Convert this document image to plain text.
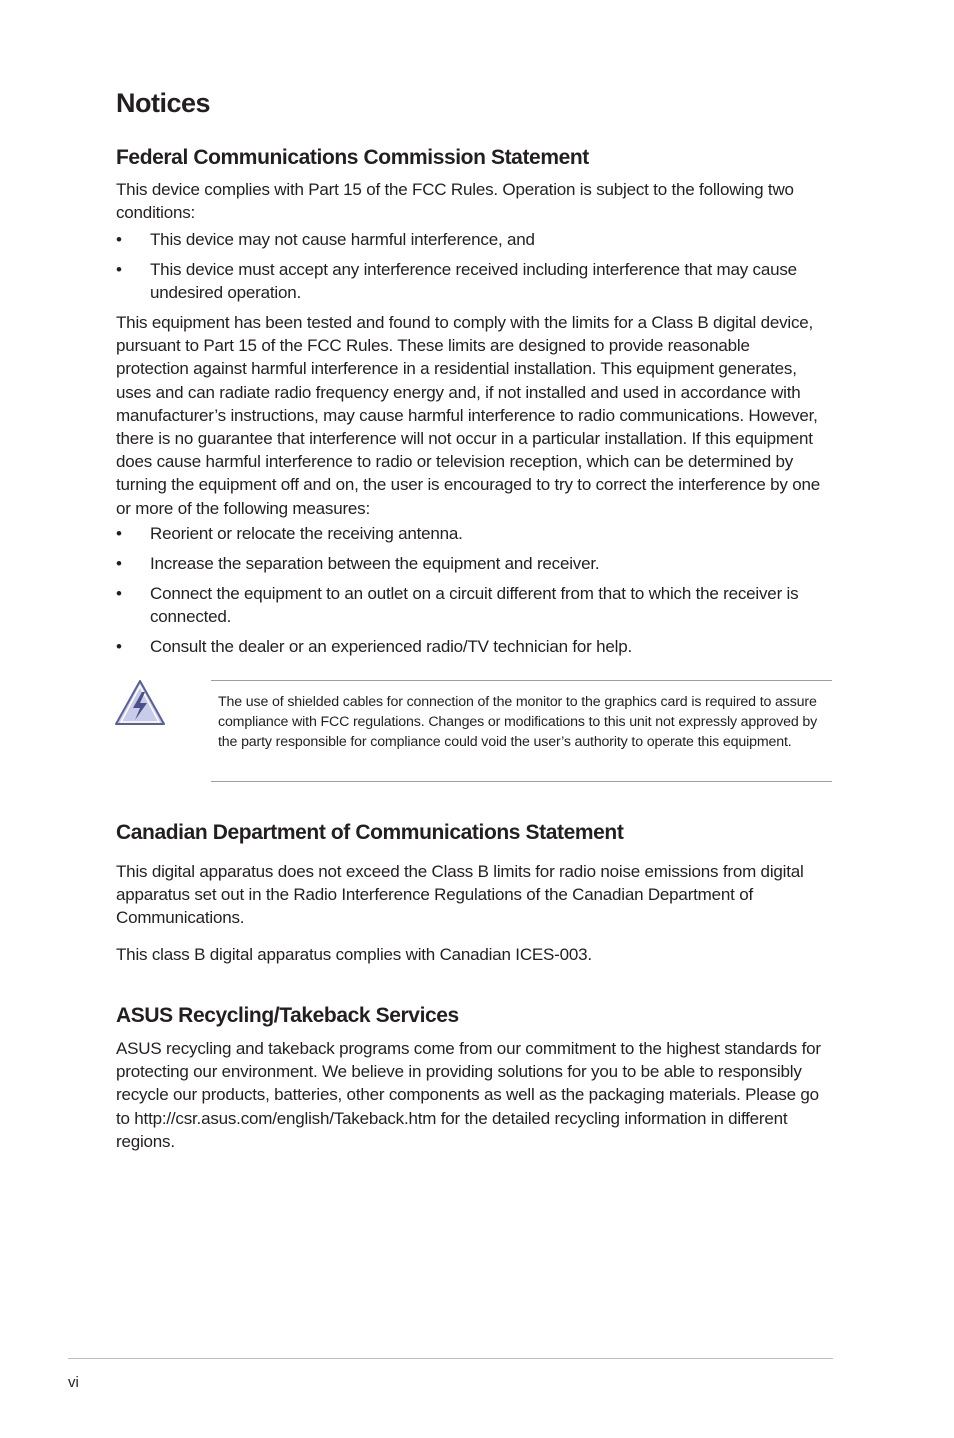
Notices
Federal Communications Commission Statement

This device complies with Part 15 of the FCC Rules. Operation is subject to the following two conditions:

• This device may not cause harmful interference, and
• This device must accept any interference received including interference that may cause undesired operation.

This equipment has been tested and found to comply with the limits for a Class B digital device, pursuant to Part 15 of the FCC Rules. These limits are designed to provide reasonable protection against harmful interference in a residential installation. This equipment generates, uses and can radiate radio frequency energy and, if not installed and used in accordance with manufacturer’s instructions, may cause harmful interference to radio communications. However, there is no guarantee that interference will not occur in a particular installation. If this equipment does cause harmful interference to radio or television reception, which can be determined by turning the equipment off and on, the user is encouraged to try to correct the interference by one or more of the following measures:

• Reorient or relocate the receiving antenna.
• Increase the separation between the equipment and receiver.
• Connect the equipment to an outlet on a circuit different from that to which the receiver is connected.
• Consult the dealer or an experienced radio/TV technician for help.

The use of shielded cables for connection of the monitor to the graphics card is required to assure compliance with FCC regulations. Changes or modifications to this unit not expressly approved by the party responsible for compliance could void the user’s authority to operate this equipment.

Canadian Department of Communications Statement

This digital apparatus does not exceed the Class B limits for radio noise emissions from digital apparatus set out in the Radio Interference Regulations of the Canadian Department of Communications.

This class B digital apparatus complies with Canadian ICES-003.

ASUS Recycling/Takeback Services

ASUS recycling and takeback programs come from our commitment to the highest standards for protecting our environment. We believe in providing solutions for you to be able to responsibly recycle our products, batteries, other components as well as the packaging materials. Please go to http://csr.asus.com/english/Takeback.htm for the detailed recycling information in different regions.

vi
